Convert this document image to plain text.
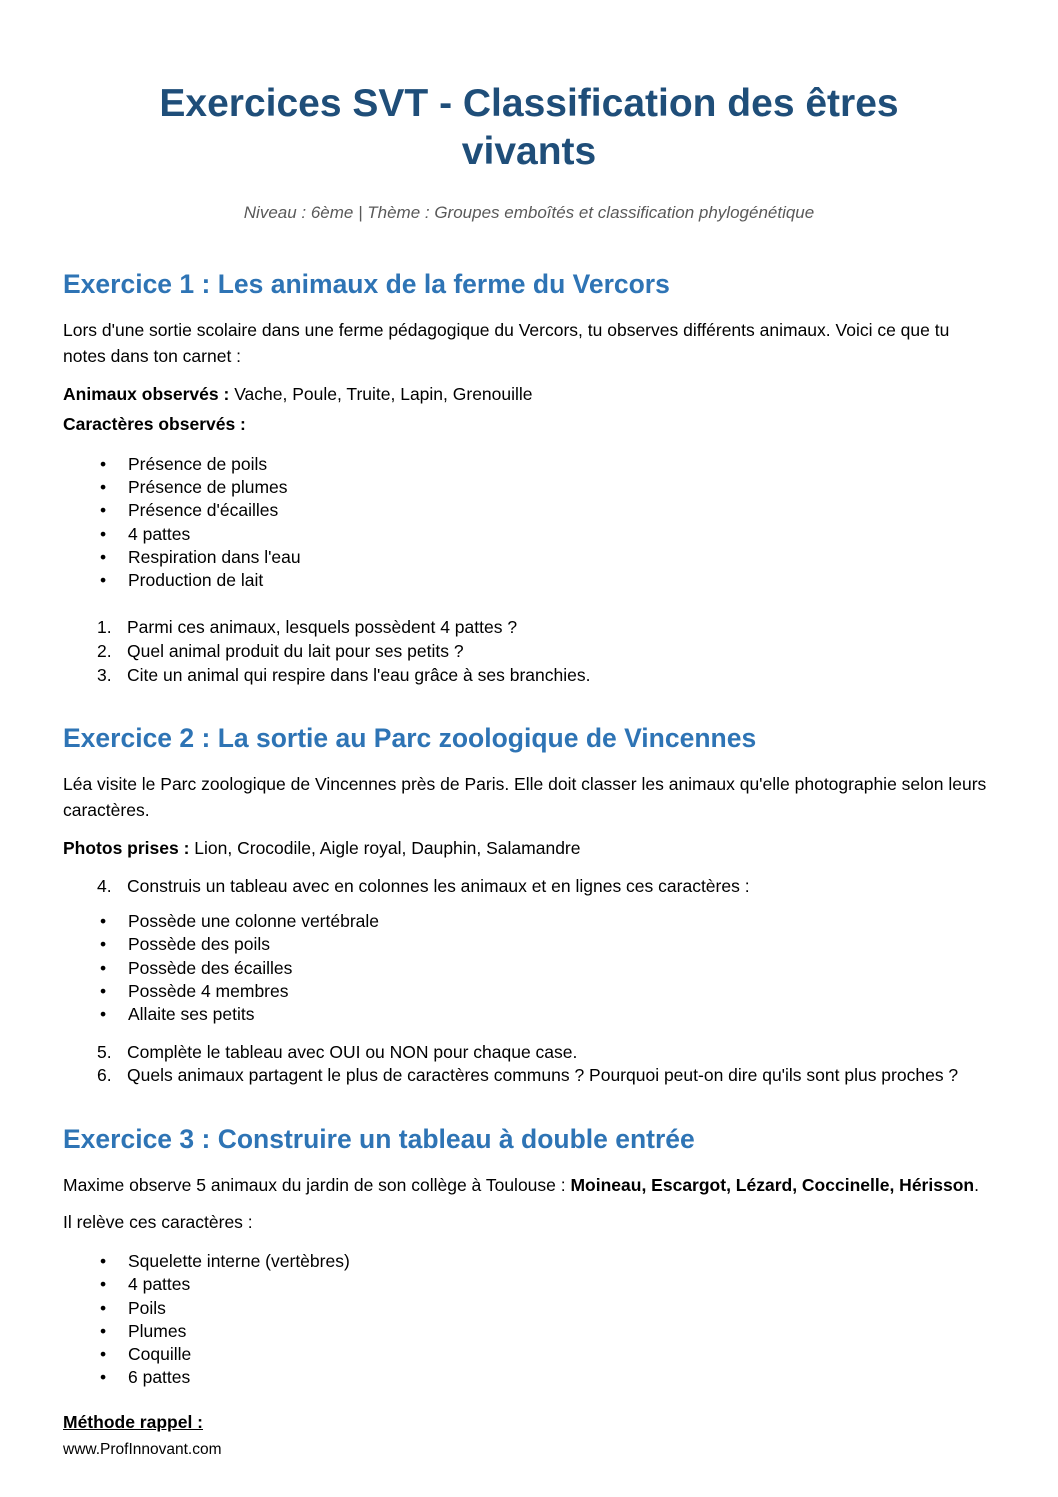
Exercices SVT - Classification des êtres vivants

Niveau : 6ème | Thème : Groupes emboîtés et classification phylogénétique

Exercice 1 : Les animaux de la ferme du Vercors

Lors d'une sortie scolaire dans une ferme pédagogique du Vercors, tu observes différents animaux. Voici ce que tu notes dans ton carnet :

Animaux observés : Vache, Poule, Truite, Lapin, Grenouille

Caractères observés :

•	Présence de poils
•	Présence de plumes
•	Présence d'écailles
•	4 pattes
•	Respiration dans l'eau
•	Production de lait
1. Parmi ces animaux, lesquels possèdent 4 pattes ?
2. Quel animal produit du lait pour ses petits ?
3. Cite un animal qui respire dans l'eau grâce à ses branchies.
Exercice 2 : La sortie au Parc zoologique de Vincennes

Léa visite le Parc zoologique de Vincennes près de Paris. Elle doit classer les animaux qu'elle photographie selon leurs caractères.

Photos prises : Lion, Crocodile, Aigle royal, Dauphin, Salamandre

4. Construis un tableau avec en colonnes les animaux et en lignes ces caractères :
•	Possède une colonne vertébrale
•	Possède des poils
•	Possède des écailles
•	Possède 4 membres
•	Allaite ses petits
5. Complète le tableau avec OUI ou NON pour chaque case.
6. Quels animaux partagent le plus de caractères communs ? Pourquoi peut-on dire qu'ils sont plus proches ?
Exercice 3 : Construire un tableau à double entrée

Maxime observe 5 animaux du jardin de son collège à Toulouse : Moineau, Escargot, Lézard, Coccinelle, Hérisson.

Il relève ces caractères :

•	Squelette interne (vertèbres)
•	4 pattes
•	Poils
•	Plumes
•	Coquille
•	6 pattes
Méthode rappel :

www.ProfInnovant.com
